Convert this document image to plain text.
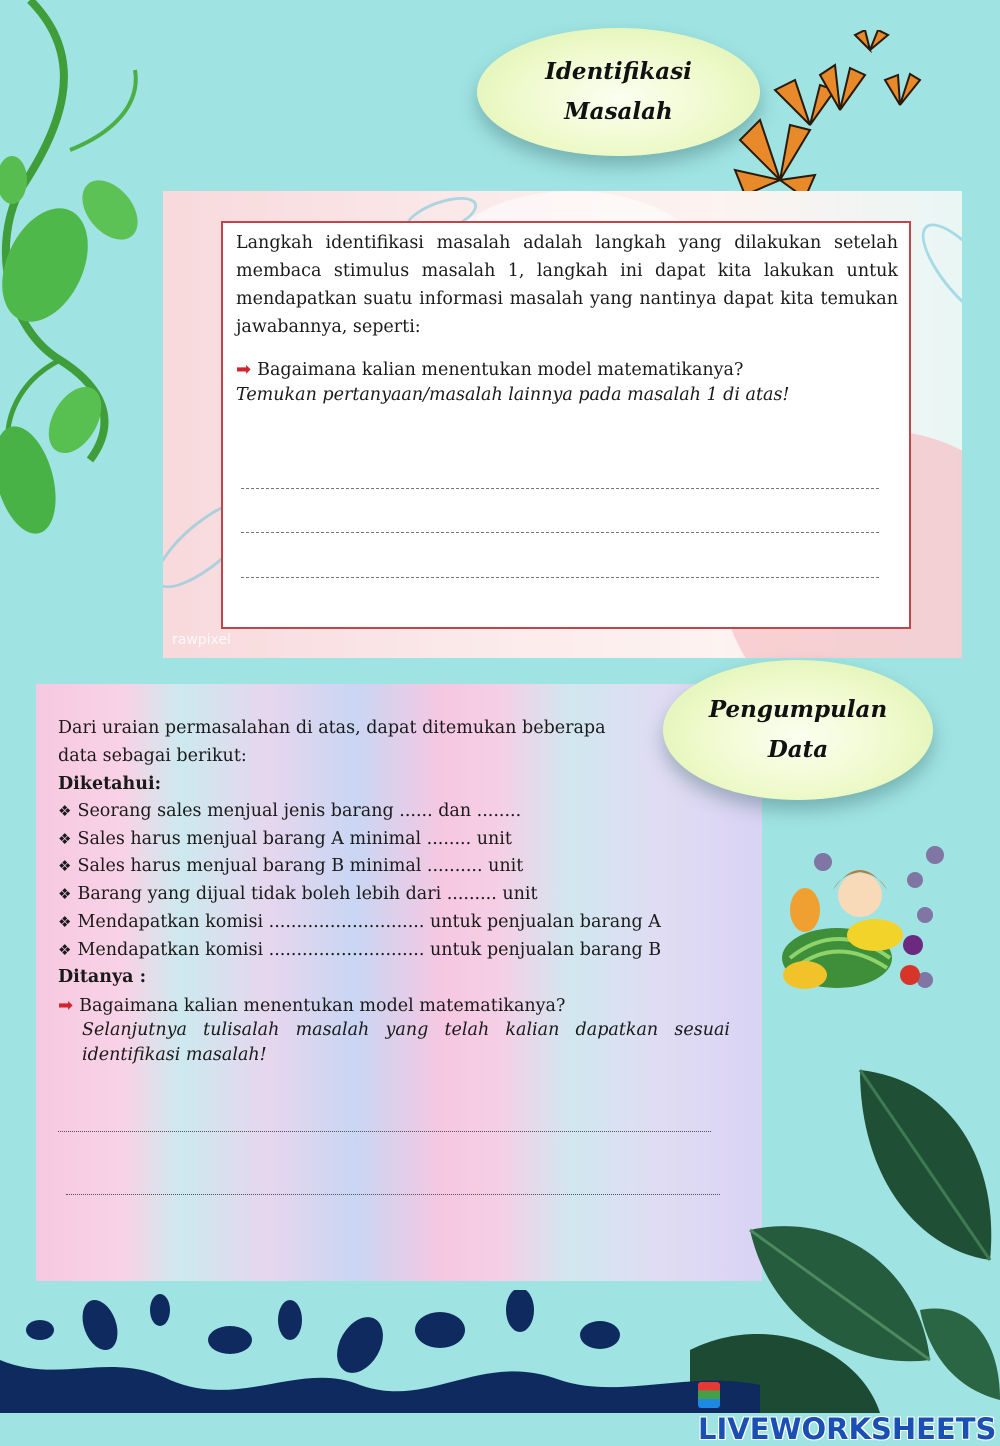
Identifikasi
Masalah
rawpixel
Langkah identifikasi masalah adalah langkah yang dilakukan setelah membaca stimulus masalah 1, langkah ini dapat kita lakukan untuk mendapatkan suatu informasi masalah yang nantinya dapat kita temukan jawabannya, seperti:
➡ Bagaimana kalian menentukan model matematikanya?
Temukan pertanyaan/masalah lainnya pada masalah 1 di atas!
Pengumpulan
Data
Dari uraian permasalahan di atas, dapat ditemukan beberapa
data sebagai berikut:
Diketahui:
❖ Seorang sales menjual jenis barang ...... dan ........
❖ Sales harus menjual barang A minimal ........ unit
❖ Sales harus menjual barang B minimal .......... unit
❖ Barang yang dijual tidak boleh lebih dari ......... unit
❖ Mendapatkan komisi ............................ untuk penjualan barang A
❖ Mendapatkan komisi ............................ untuk penjualan barang B
Ditanya :
➡ Bagaimana kalian menentukan model matematikanya?
Selanjutnya tulisalah masalah yang telah kalian dapatkan sesuai
identifikasi masalah!
LIVEWORKSHEETS
